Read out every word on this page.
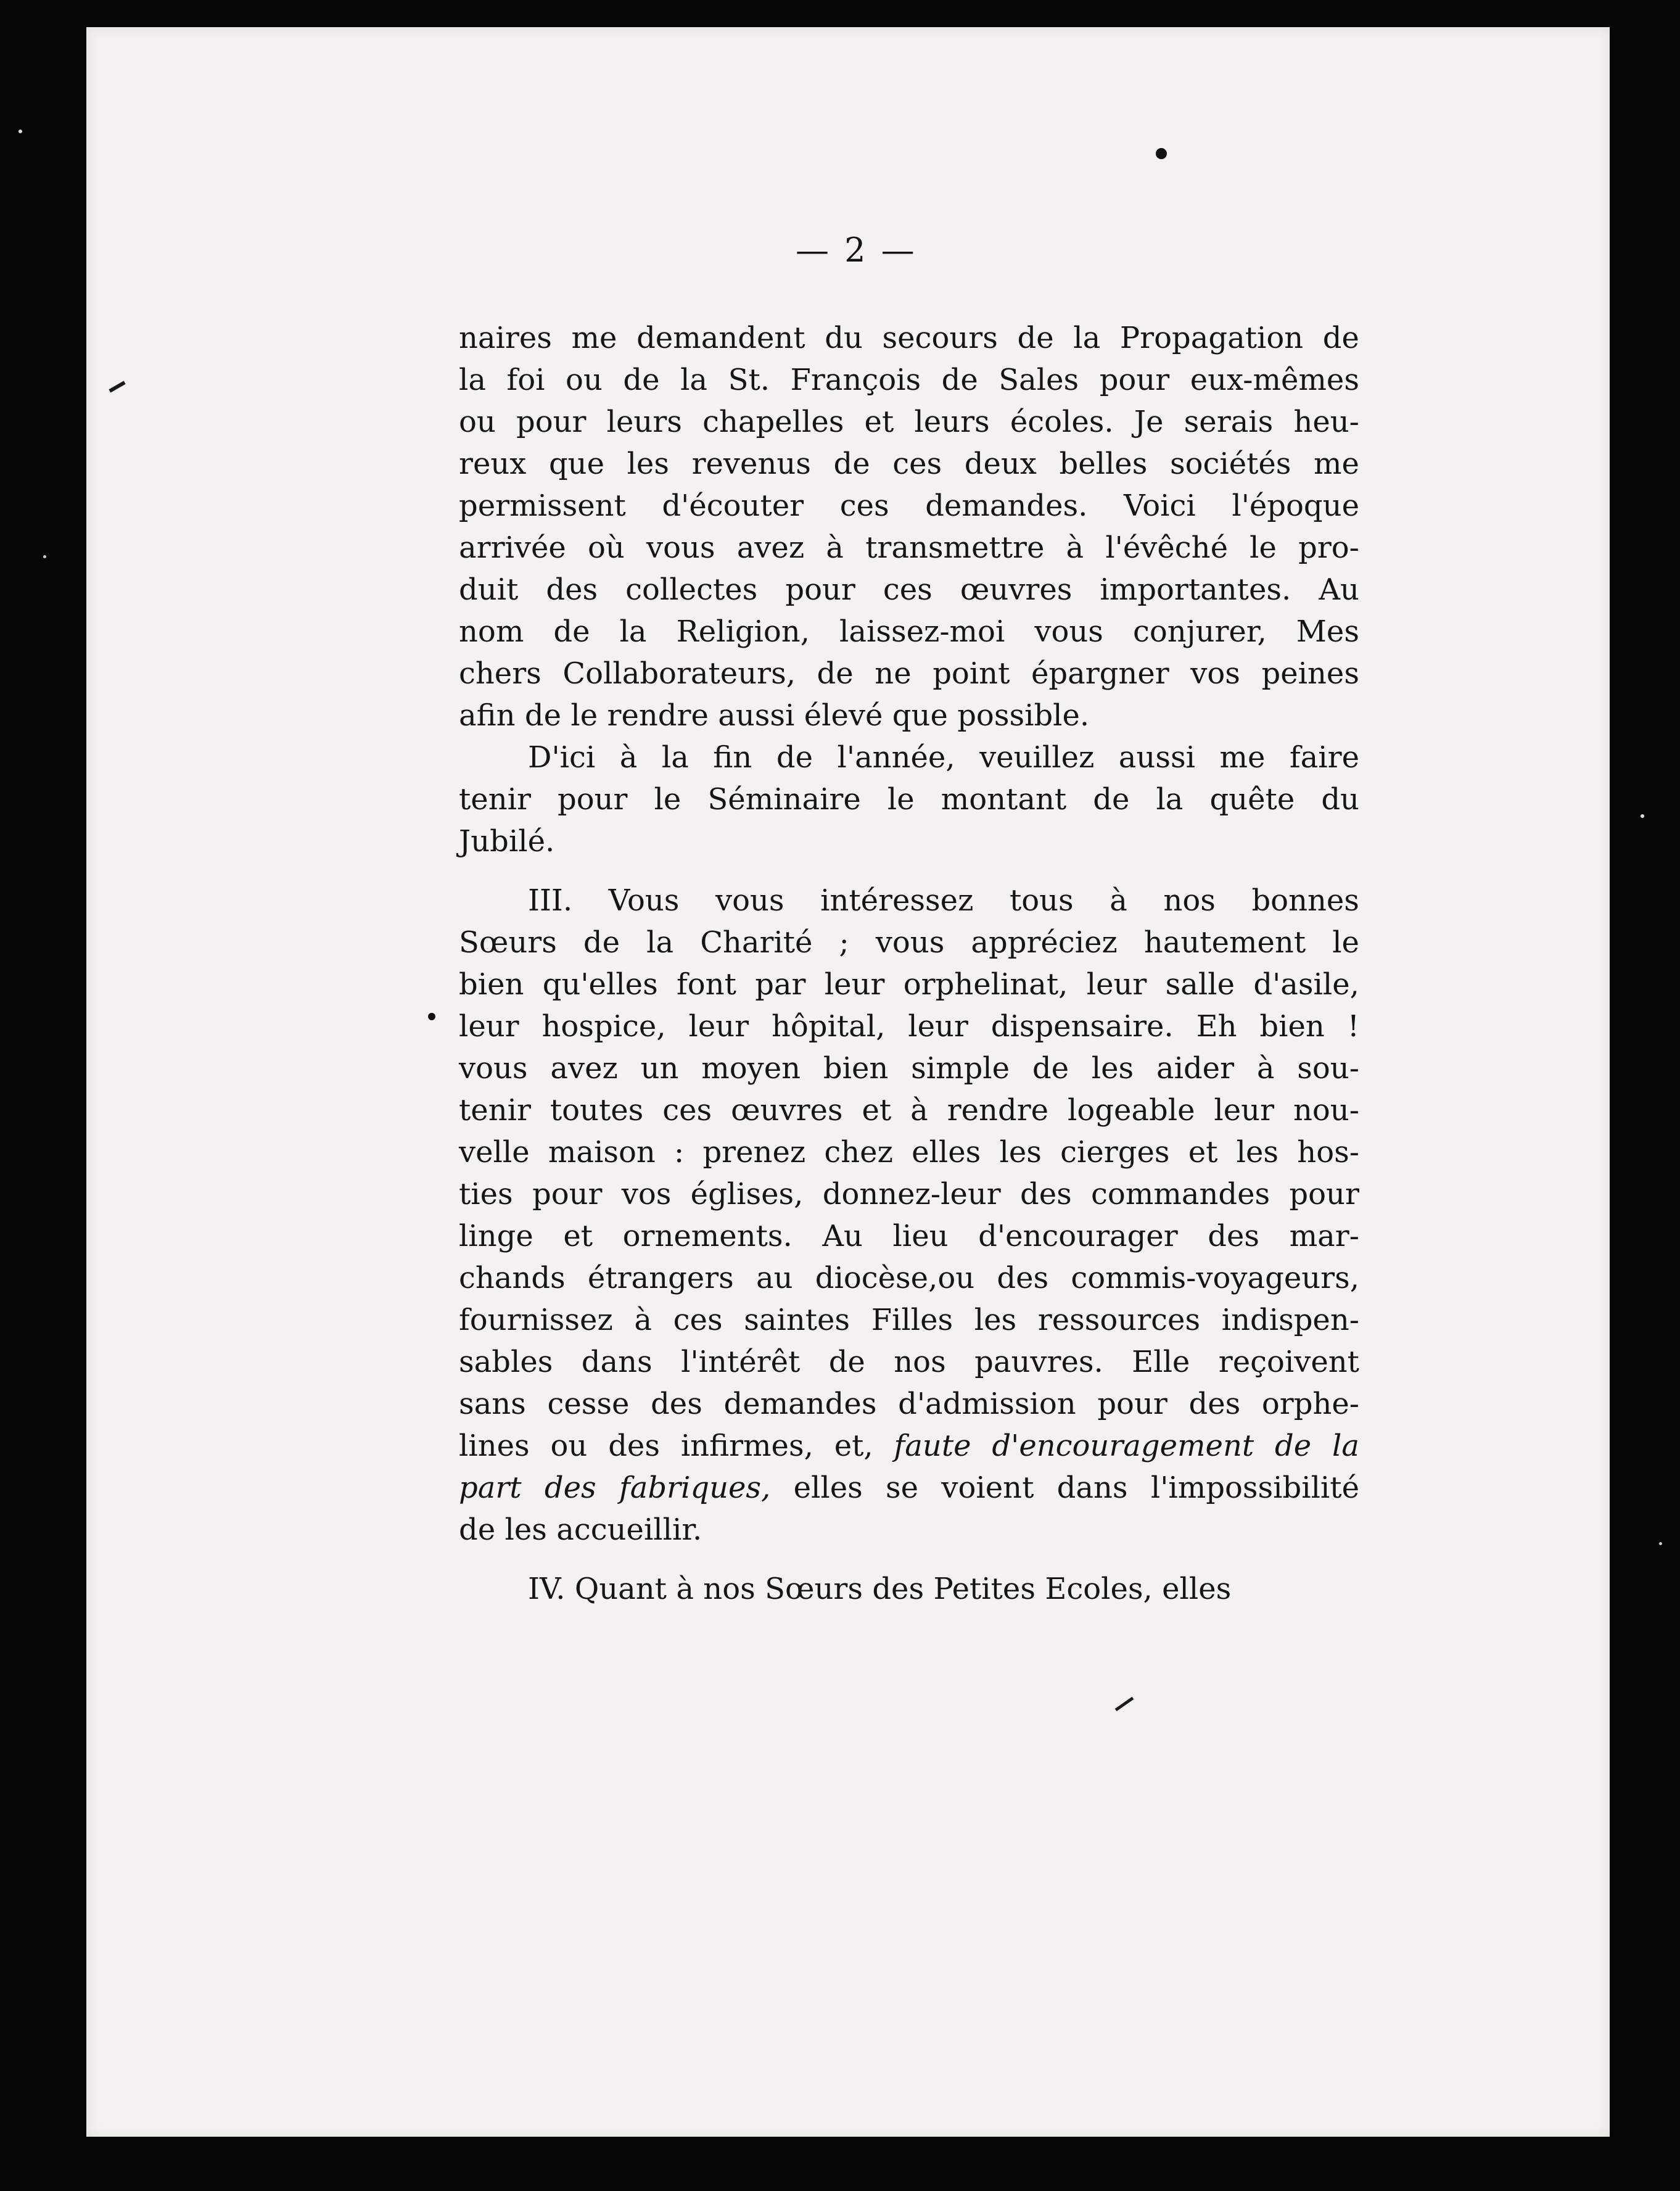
— 2 —
naires me demandent du secours de la Propagation de
la foi ou de la St. François de Sales pour eux-mêmes
ou pour leurs chapelles et leurs écoles. Je serais heu-
reux que les revenus de ces deux belles sociétés me
permissent d'écouter ces demandes. Voici l'époque
arrivée où vous avez à transmettre à l'évêché le pro-
duit des collectes pour ces œuvres importantes. Au
nom de la Religion, laissez-moi vous conjurer, Mes
chers Collaborateurs, de ne point épargner vos peines
afin de le rendre aussi élevé que possible.
D'ici à la fin de l'année, veuillez aussi me faire
tenir pour le Séminaire le montant de la quête du
Jubilé.
III. Vous vous intéressez tous à nos bonnes
Sœurs de la Charité ; vous appréciez hautement le
bien qu'elles font par leur orphelinat, leur salle d'asile,
leur hospice, leur hôpital, leur dispensaire. Eh bien !
vous avez un moyen bien simple de les aider à sou-
tenir toutes ces œuvres et à rendre logeable leur nou-
velle maison : prenez chez elles les cierges et les hos-
ties pour vos églises, donnez-leur des commandes pour
linge et ornements. Au lieu d'encourager des mar-
chands étrangers au diocèse,ou des commis-voyageurs,
fournissez à ces saintes Filles les ressources indispen-
sables dans l'intérêt de nos pauvres. Elle reçoivent
sans cesse des demandes d'admission pour des orphe-
lines ou des infirmes, et, faute d'encouragement de la
part des fabriques, elles se voient dans l'impossibilité
de les accueillir.
IV. Quant à nos Sœurs des Petites Ecoles, elles
